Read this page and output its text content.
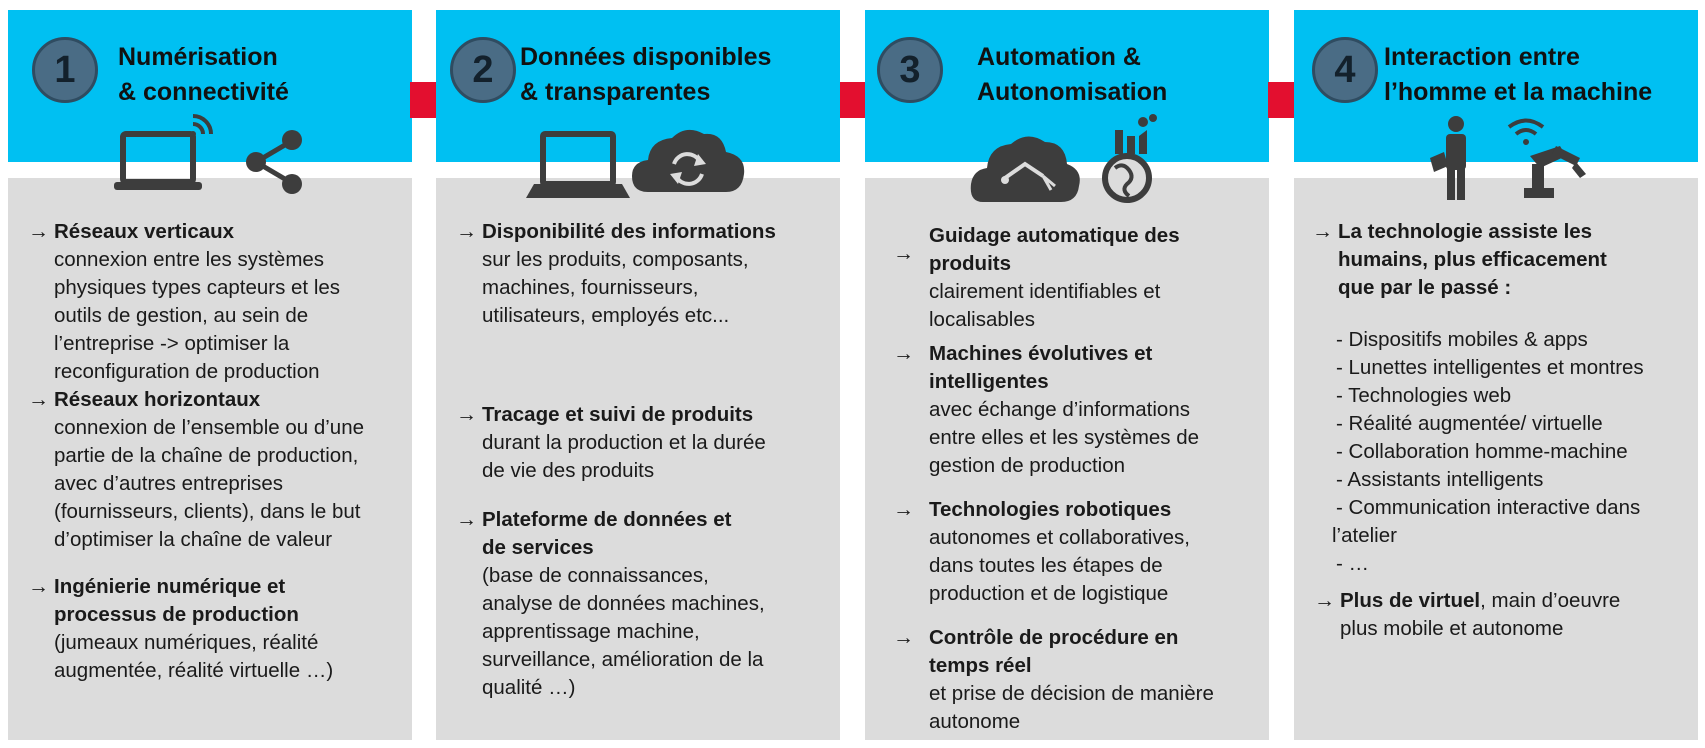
1	Numérisation
& connectivité
→ Réseaux verticaux
connexion entre les systèmes
physiques types capteurs et les
outils de gestion, au sein de
l’entreprise -> optimiser la
reconfiguration de production
→ Réseaux horizontaux
connexion de l’ensemble ou d’une
partie de la chaîne de production,
avec d’autres entreprises
(fournisseurs, clients), dans le but
d’optimiser la chaîne de valeur
→ Ingénierie numérique et
processus de production
(jumeaux numériques, réalité
augmentée, réalité virtuelle …)
2	Données disponibles
& transparentes
→ Disponibilité des informations
sur les produits, composants,
machines, fournisseurs,
utilisateurs, employés etc...
→ Tracage et suivi de produits
durant la production et la durée
de vie des produits
→ Plateforme de données et
de services
(base de connaissances,
analyse de données machines,
apprentissage machine,
surveillance, amélioration de la
qualité …)
3	Automation &
Autonomisation
→
Guidage automatique des
produits
clairement identifiables et
localisables
→ Machines évolutives et
intelligentes
avec échange d’informations
entre elles et les systèmes de
gestion de production
→ Technologies robotiques
autonomes et collaboratives,
dans toutes les étapes de
production et de logistique
→ Contrôle de procédure en
temps réel
et prise de décision de manière
autonome
4	Interaction entre
l’homme et la machine
→ La technologie assiste les
humains, plus efficacement
que par le passé :
- Dispositifs mobiles & apps
- Lunettes intelligentes et montres
- Technologies web
- Réalité augmentée/ virtuelle
- Collaboration homme-machine
- Assistants intelligents
- Communication interactive dans
l’atelier
- …
→ Plus de virtuel, main d’oeuvre
plus mobile et autonome
